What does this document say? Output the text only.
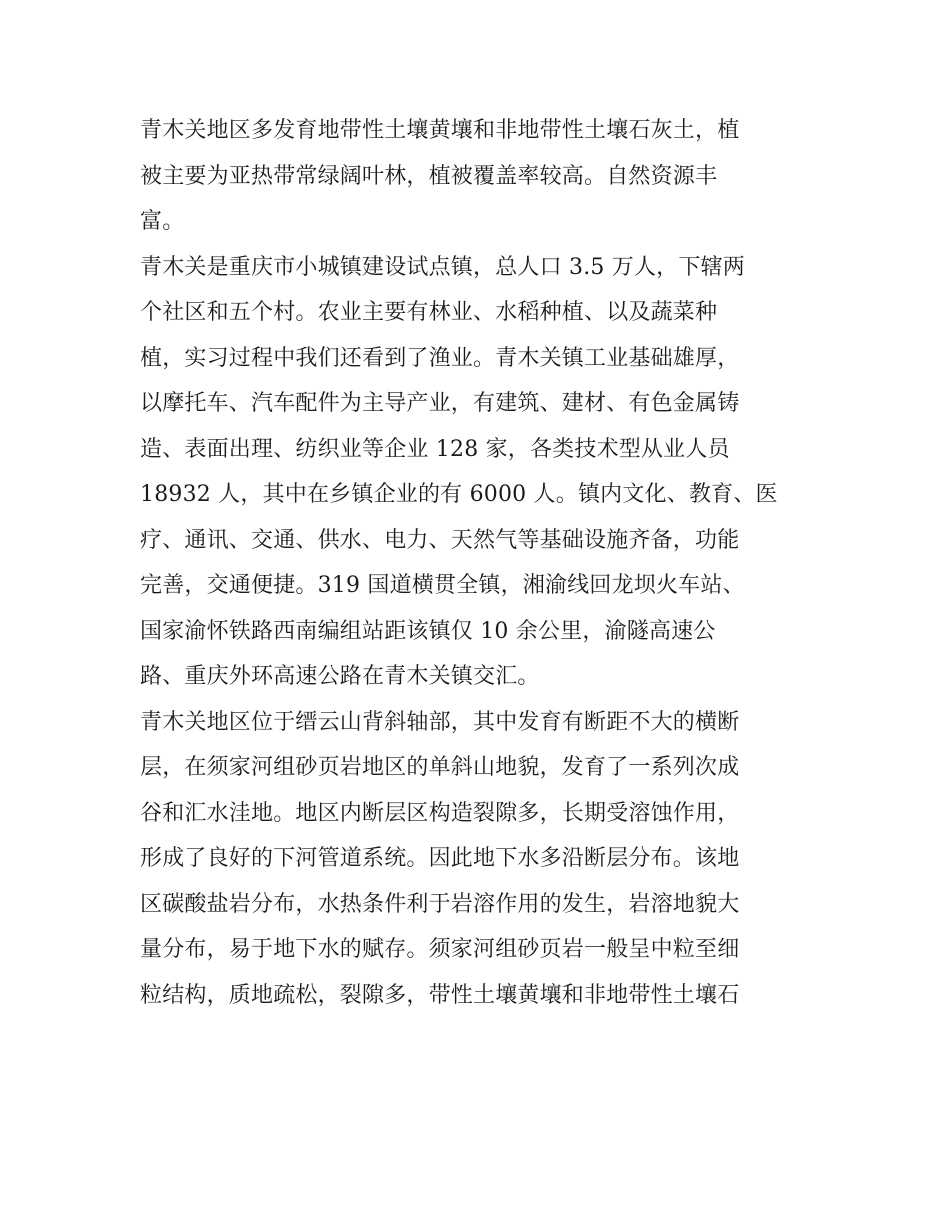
青木关地区多发育地带性土壤黄壤和非地带性土壤石灰土，植
被主要为亚热带常绿阔叶林，植被覆盖率较高。自然资源丰
富。
青木关是重庆市小城镇建设试点镇，总人口 3.5 万人，下辖两
个社区和五个村。农业主要有林业、水稻种植、以及蔬菜种
植，实习过程中我们还看到了渔业。青木关镇工业基础雄厚，
以摩托车、汽车配件为主导产业，有建筑、建材、有色金属铸
造、表面出理、纺织业等企业 128 家，各类技术型从业人员
18932 人，其中在乡镇企业的有 6000 人。镇内文化、教育、医
疗、通讯、交通、供水、电力、天然气等基础设施齐备，功能
完善，交通便捷。319 国道横贯全镇，湘渝线回龙坝火车站、
国家渝怀铁路西南编组站距该镇仅 10 余公里，渝隧高速公
路、重庆外环高速公路在青木关镇交汇。
青木关地区位于缙云山背斜轴部，其中发育有断距不大的横断
层，在须家河组砂页岩地区的单斜山地貌，发育了一系列次成
谷和汇水洼地。地区内断层区构造裂隙多，长期受溶蚀作用，
形成了良好的下河管道系统。因此地下水多沿断层分布。该地
区碳酸盐岩分布，水热条件利于岩溶作用的发生，岩溶地貌大
量分布，易于地下水的赋存。须家河组砂页岩一般呈中粒至细
粒结构，质地疏松，裂隙多，带性土壤黄壤和非地带性土壤石
